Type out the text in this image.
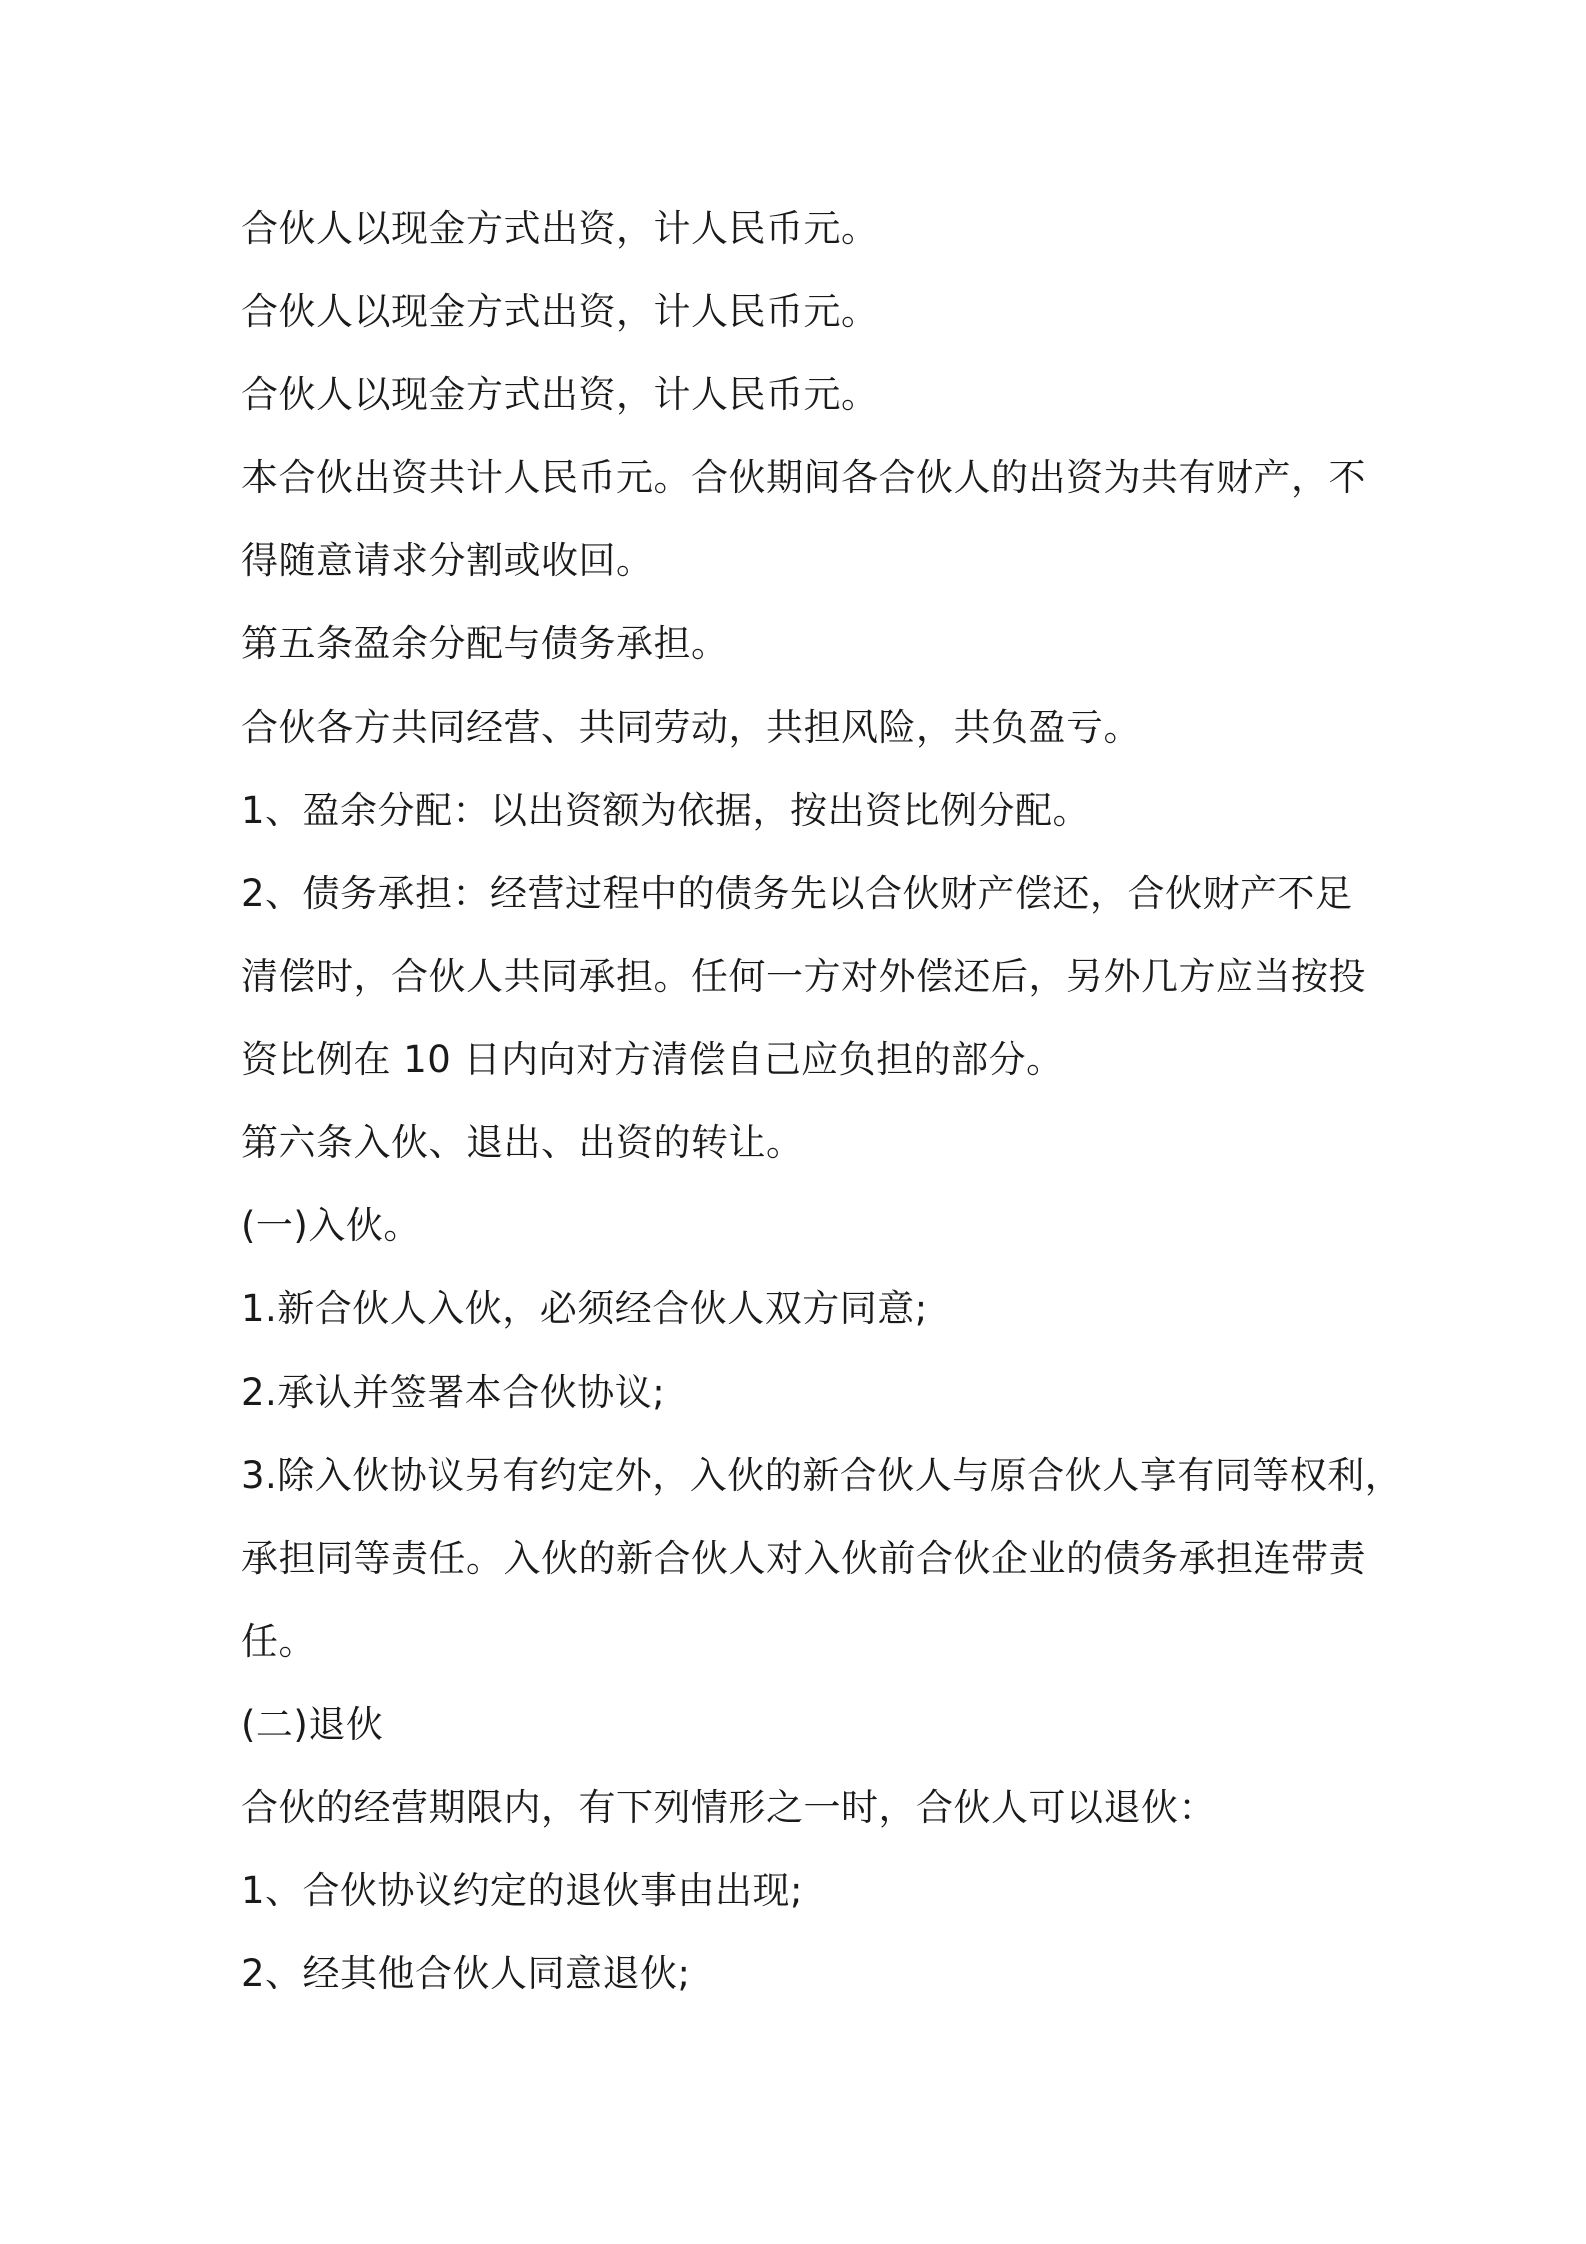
合伙人以现金方式出资，计人民币元。

合伙人以现金方式出资，计人民币元。

合伙人以现金方式出资，计人民币元。

本合伙出资共计人民币元。合伙期间各合伙人的出资为共有财产，不

得随意请求分割或收回。

第五条盈余分配与债务承担。

合伙各方共同经营、共同劳动，共担风险，共负盈亏。

1、盈余分配：以出资额为依据，按出资比例分配。

2、债务承担：经营过程中的债务先以合伙财产偿还，合伙财产不足

清偿时，合伙人共同承担。任何一方对外偿还后，另外几方应当按投

资比例在 10 日内向对方清偿自己应负担的部分。

第六条入伙、退出、出资的转让。

(一)入伙。

1.新合伙人入伙，必须经合伙人双方同意;

2.承认并签署本合伙协议;

3.除入伙协议另有约定外，入伙的新合伙人与原合伙人享有同等权利，

承担同等责任。入伙的新合伙人对入伙前合伙企业的债务承担连带责

任。

(二)退伙

合伙的经营期限内，有下列情形之一时，合伙人可以退伙：

1、合伙协议约定的退伙事由出现;

2、经其他合伙人同意退伙;
